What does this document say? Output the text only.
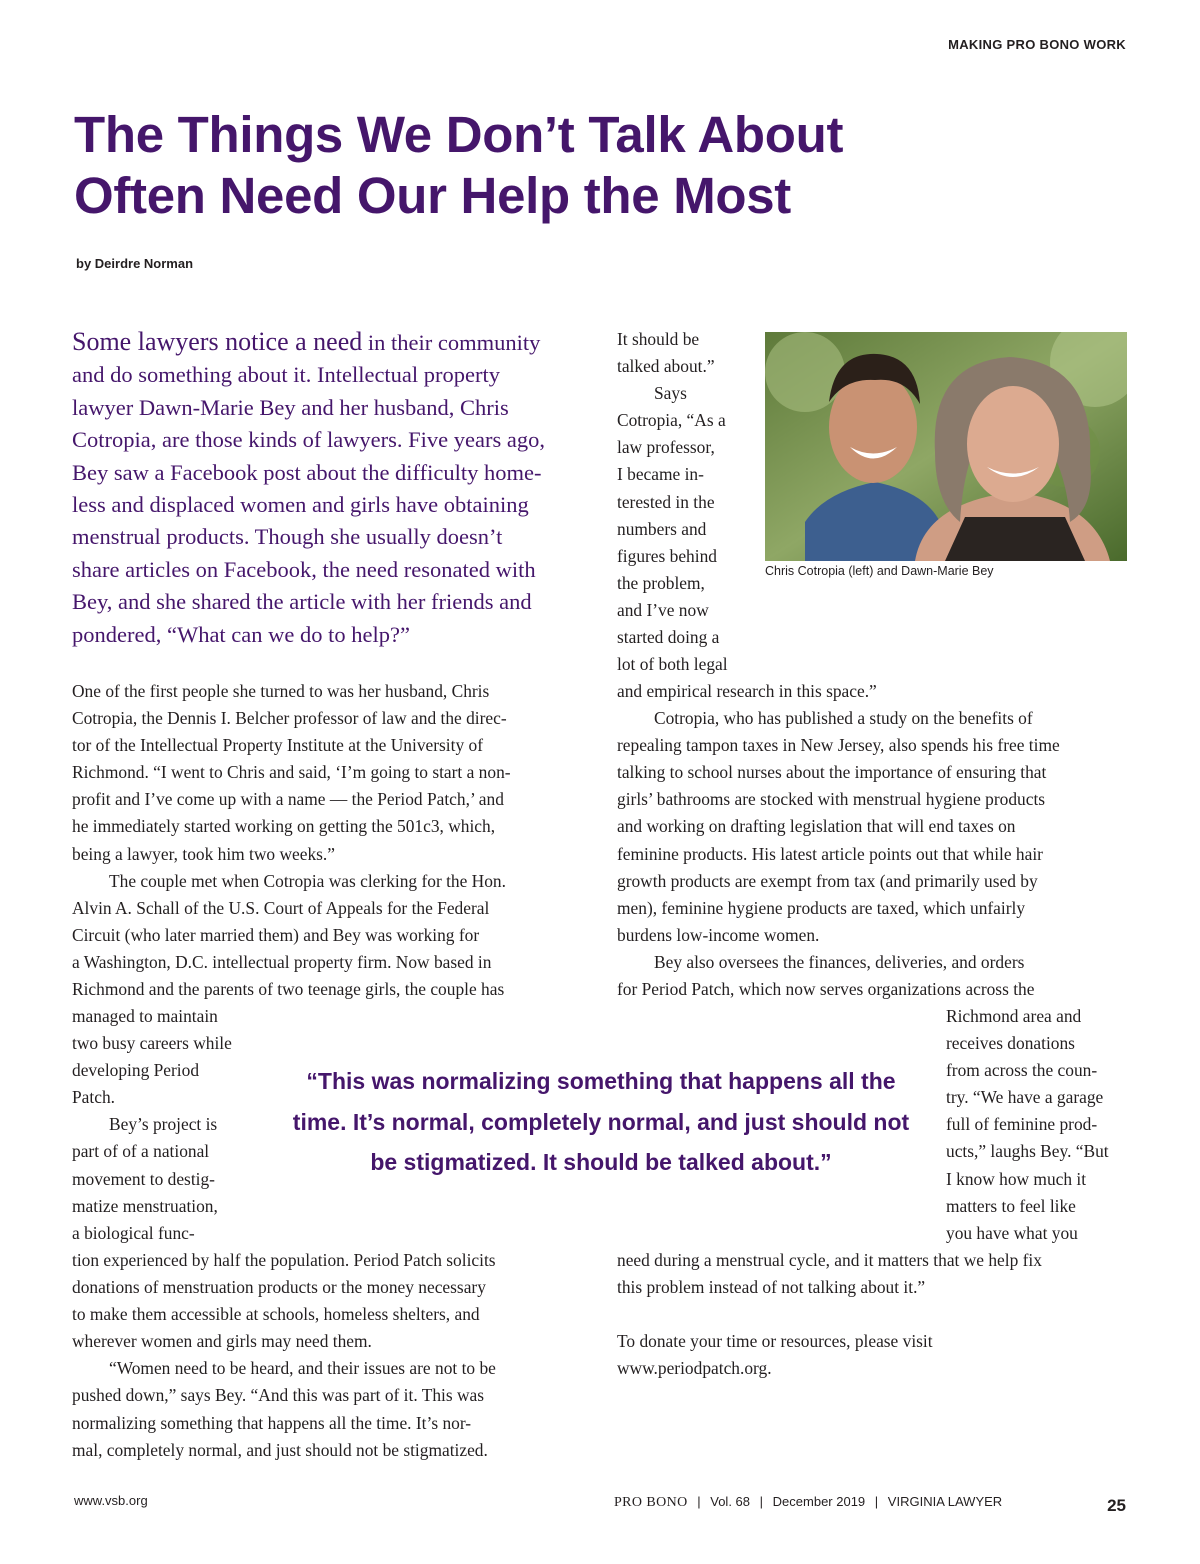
MAKING PRO BONO WORK
The Things We Don’t Talk About
Often Need Our Help the Most
by Deirdre Norman

Some lawyers notice a need in their community
and do something about it. Intellectual property
lawyer Dawn-Marie Bey and her husband, Chris
Cotropia, are those kinds of lawyers. Five years ago,
Bey saw a Facebook post about the difficulty home-
less and displaced women and girls have obtaining
menstrual products. Though she usually doesn’t
share articles on Facebook, the need resonated with
Bey, and she shared the article with her friends and
pondered, “What can we do to help?”

It should be
talked about.”
Says
Cotropia, “As a
law professor,
I became in-
terested in the
numbers and
figures behind
the problem,
and I’ve now
started doing a
lot of both legal

Chris Cotropia (left) and Dawn-Marie Bey

One of the first people she turned to was her husband, Chris
Cotropia, the Dennis I. Belcher professor of law and the direc-
tor of the Intellectual Property Institute at the University of
Richmond. “I went to Chris and said, ‘I’m going to start a non-
profit and I’ve come up with a name — the Period Patch,’ and
he immediately started working on getting the 501c3, which,
being a lawyer, took him two weeks.”
The couple met when Cotropia was clerking for the Hon.
Alvin A. Schall of the U.S. Court of Appeals for the Federal
Circuit (who later married them) and Bey was working for
a Washington, D.C. intellectual property firm. Now based in
Richmond and the parents of two teenage girls, the couple has

managed to maintain
two busy careers while
developing Period
Patch.
Bey’s project is
part of of a national
movement to destig-
matize menstruation,
a biological func-

tion experienced by half the population. Period Patch solicits
donations of menstruation products or the money necessary
to make them accessible at schools, homeless shelters, and
wherever women and girls may need them.
“Women need to be heard, and their issues are not to be
pushed down,” says Bey. “And this was part of it. This was
normalizing something that happens all the time. It’s nor-
mal, completely normal, and just should not be stigmatized.

and empirical research in this space.”
Cotropia, who has published a study on the benefits of
repealing tampon taxes in New Jersey, also spends his free time
talking to school nurses about the importance of ensuring that
girls’ bathrooms are stocked with menstrual hygiene products
and working on drafting legislation that will end taxes on
feminine products. His latest article points out that while hair
growth products are exempt from tax (and primarily used by
men), feminine hygiene products are taxed, which unfairly
burdens low-income women.
Bey also oversees the finances, deliveries, and orders
for Period Patch, which now serves organizations across the

Richmond area and
receives donations
from across the coun-
try. “We have a garage
full of feminine prod-
ucts,” laughs Bey. “But
I know how much it
matters to feel like
you have what you

need during a menstrual cycle, and it matters that we help fix
this problem instead of not talking about it.”
To donate your time or resources, please visit
www.periodpatch.org.

“This was normalizing something that happens all the
time. It’s normal, completely normal, and just should not
be stigmatized. It should be talked about.”

www.vsb.org	PRO BONO | Vol. 68 | December 2019 | VIRGINIA LAWYER	25
